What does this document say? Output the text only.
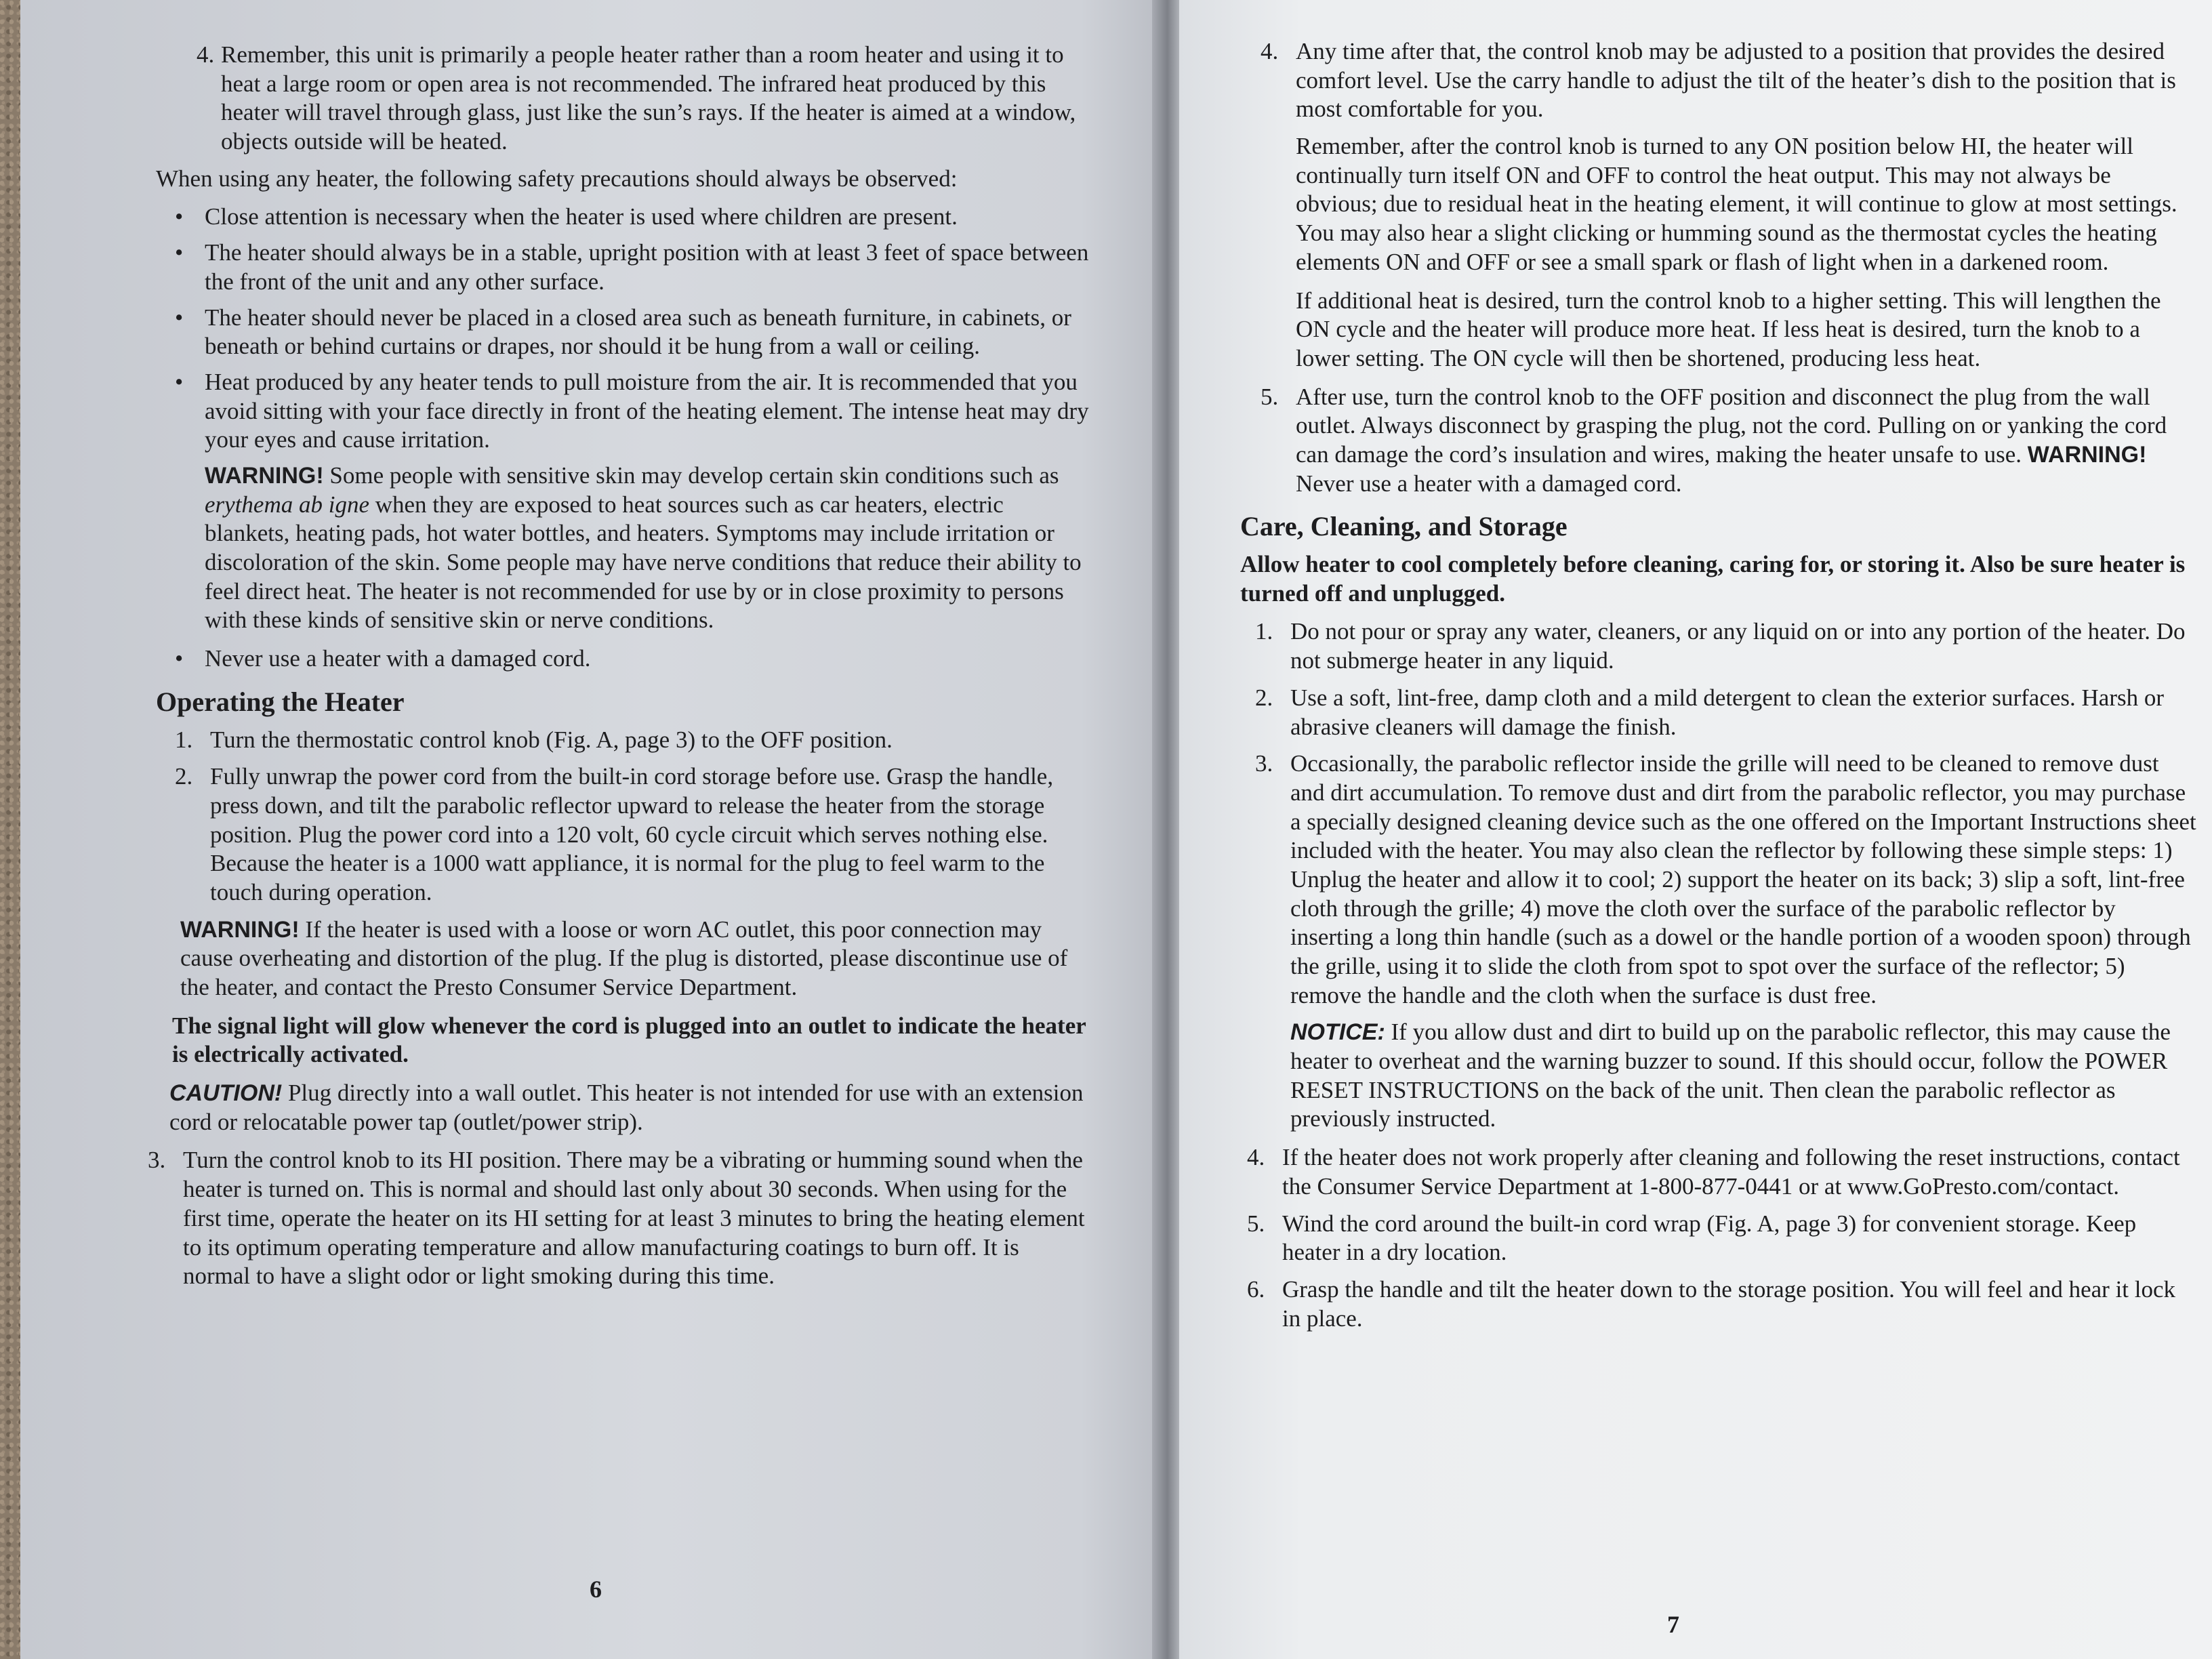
4. Remember, this unit is primarily a people heater rather than a room heater and using it to heat a large room or open area is not recommended. The infrared heat produced by this heater will travel through glass, just like the sun’s rays. If the heater is aimed at a window, objects outside will be heated.

When using any heater, the following safety precautions should always be observed:

• Close attention is necessary when the heater is used where children are present.
• The heater should always be in a stable, upright position with at least 3 feet of space between the front of the unit and any other surface.
• The heater should never be placed in a closed area such as beneath furniture, in cabinets, or beneath or behind curtains or drapes, nor should it be hung from a wall or ceiling.
• Heat produced by any heater tends to pull moisture from the air. It is recommended that you avoid sitting with your face directly in front of the heating element. The intense heat may dry your eyes and cause irritation.

WARNING! Some people with sensitive skin may develop certain skin conditions such as erythema ab igne when they are exposed to heat sources such as car heaters, electric blankets, heating pads, hot water bottles, and heaters. Symptoms may include irritation or discoloration of the skin. Some people may have nerve conditions that reduce their ability to feel direct heat. The heater is not recommended for use by or in close proximity to persons with these kinds of sensitive skin or nerve conditions.

• Never use a heater with a damaged cord.
Operating the Heater
1. Turn the thermostatic control knob (Fig. A, page 3) to the OFF position.
2. Fully unwrap the power cord from the built-in cord storage before use. Grasp the handle, press down, and tilt the parabolic reflector upward to release the heater from the storage position. Plug the power cord into a 120 volt, 60 cycle circuit which serves nothing else. Because the heater is a 1000 watt appliance, it is normal for the plug to feel warm to the touch during operation.

WARNING! If the heater is used with a loose or worn AC outlet, this poor connection may cause overheating and distortion of the plug. If the plug is distorted, please discontinue use of the heater, and contact the Presto Consumer Service Department.

The signal light will glow whenever the cord is plugged into an outlet to indicate the heater is electrically activated.

CAUTION! Plug directly into a wall outlet. This heater is not intended for use with an extension cord or relocatable power tap (outlet/power strip).

3. Turn the control knob to its HI position. There may be a vibrating or humming sound when the heater is turned on. This is normal and should last only about 30 seconds. When using for the first time, operate the heater on its HI setting for at least 3 minutes to bring the heating element to its optimum operating temperature and allow manufacturing coatings to burn off. It is normal to have a slight odor or light smoking during this time.
6
4. Any time after that, the control knob may be adjusted to a position that provides the desired comfort level. Use the carry handle to adjust the tilt of the heater’s dish to the position that is most comfortable for you.

Remember, after the control knob is turned to any ON position below HI, the heater will continually turn itself ON and OFF to control the heat output. This may not always be obvious; due to residual heat in the heating element, it will continue to glow at most settings. You may also hear a slight clicking or humming sound as the thermostat cycles the heating elements ON and OFF or see a small spark or flash of light when in a darkened room.

If additional heat is desired, turn the control knob to a higher setting. This will lengthen the ON cycle and the heater will produce more heat. If less heat is desired, turn the knob to a lower setting. The ON cycle will then be shortened, producing less heat.

5. After use, turn the control knob to the OFF position and disconnect the plug from the wall outlet. Always disconnect by grasping the plug, not the cord. Pulling on or yanking the cord can damage the cord’s insulation and wires, making the heater unsafe to use. WARNING! Never use a heater with a damaged cord.
Care, Cleaning, and Storage

Allow heater to cool completely before cleaning, caring for, or storing it. Also be sure heater is turned off and unplugged.

1. Do not pour or spray any water, cleaners, or any liquid on or into any portion of the heater. Do not submerge heater in any liquid.
2. Use a soft, lint-free, damp cloth and a mild detergent to clean the exterior surfaces. Harsh or abrasive cleaners will damage the finish.
3. Occasionally, the parabolic reflector inside the grille will need to be cleaned to remove dust and dirt accumulation. To remove dust and dirt from the parabolic reflector, you may purchase a specially designed cleaning device such as the one offered on the Important Instructions sheet included with the heater. You may also clean the reflector by following these simple steps: 1) Unplug the heater and allow it to cool; 2) support the heater on its back; 3) slip a soft, lint-free cloth through the grille; 4) move the cloth over the surface of the parabolic reflector by inserting a long thin handle (such as a dowel or the handle portion of a wooden spoon) through the grille, using it to slide the cloth from spot to spot over the surface of the reflector; 5) remove the handle and the cloth when the surface is dust free.

NOTICE: If you allow dust and dirt to build up on the parabolic reflector, this may cause the heater to overheat and the warning buzzer to sound. If this should occur, follow the POWER RESET INSTRUCTIONS on the back of the unit. Then clean the parabolic reflector as previously instructed.

4. If the heater does not work properly after cleaning and following the reset instructions, contact the Consumer Service Department at 1-800-877-0441 or at www.GoPresto.com/contact.
5. Wind the cord around the built-in cord wrap (Fig. A, page 3) for convenient storage. Keep heater in a dry location.
6. Grasp the handle and tilt the heater down to the storage position. You will feel and hear it lock in place.
7
